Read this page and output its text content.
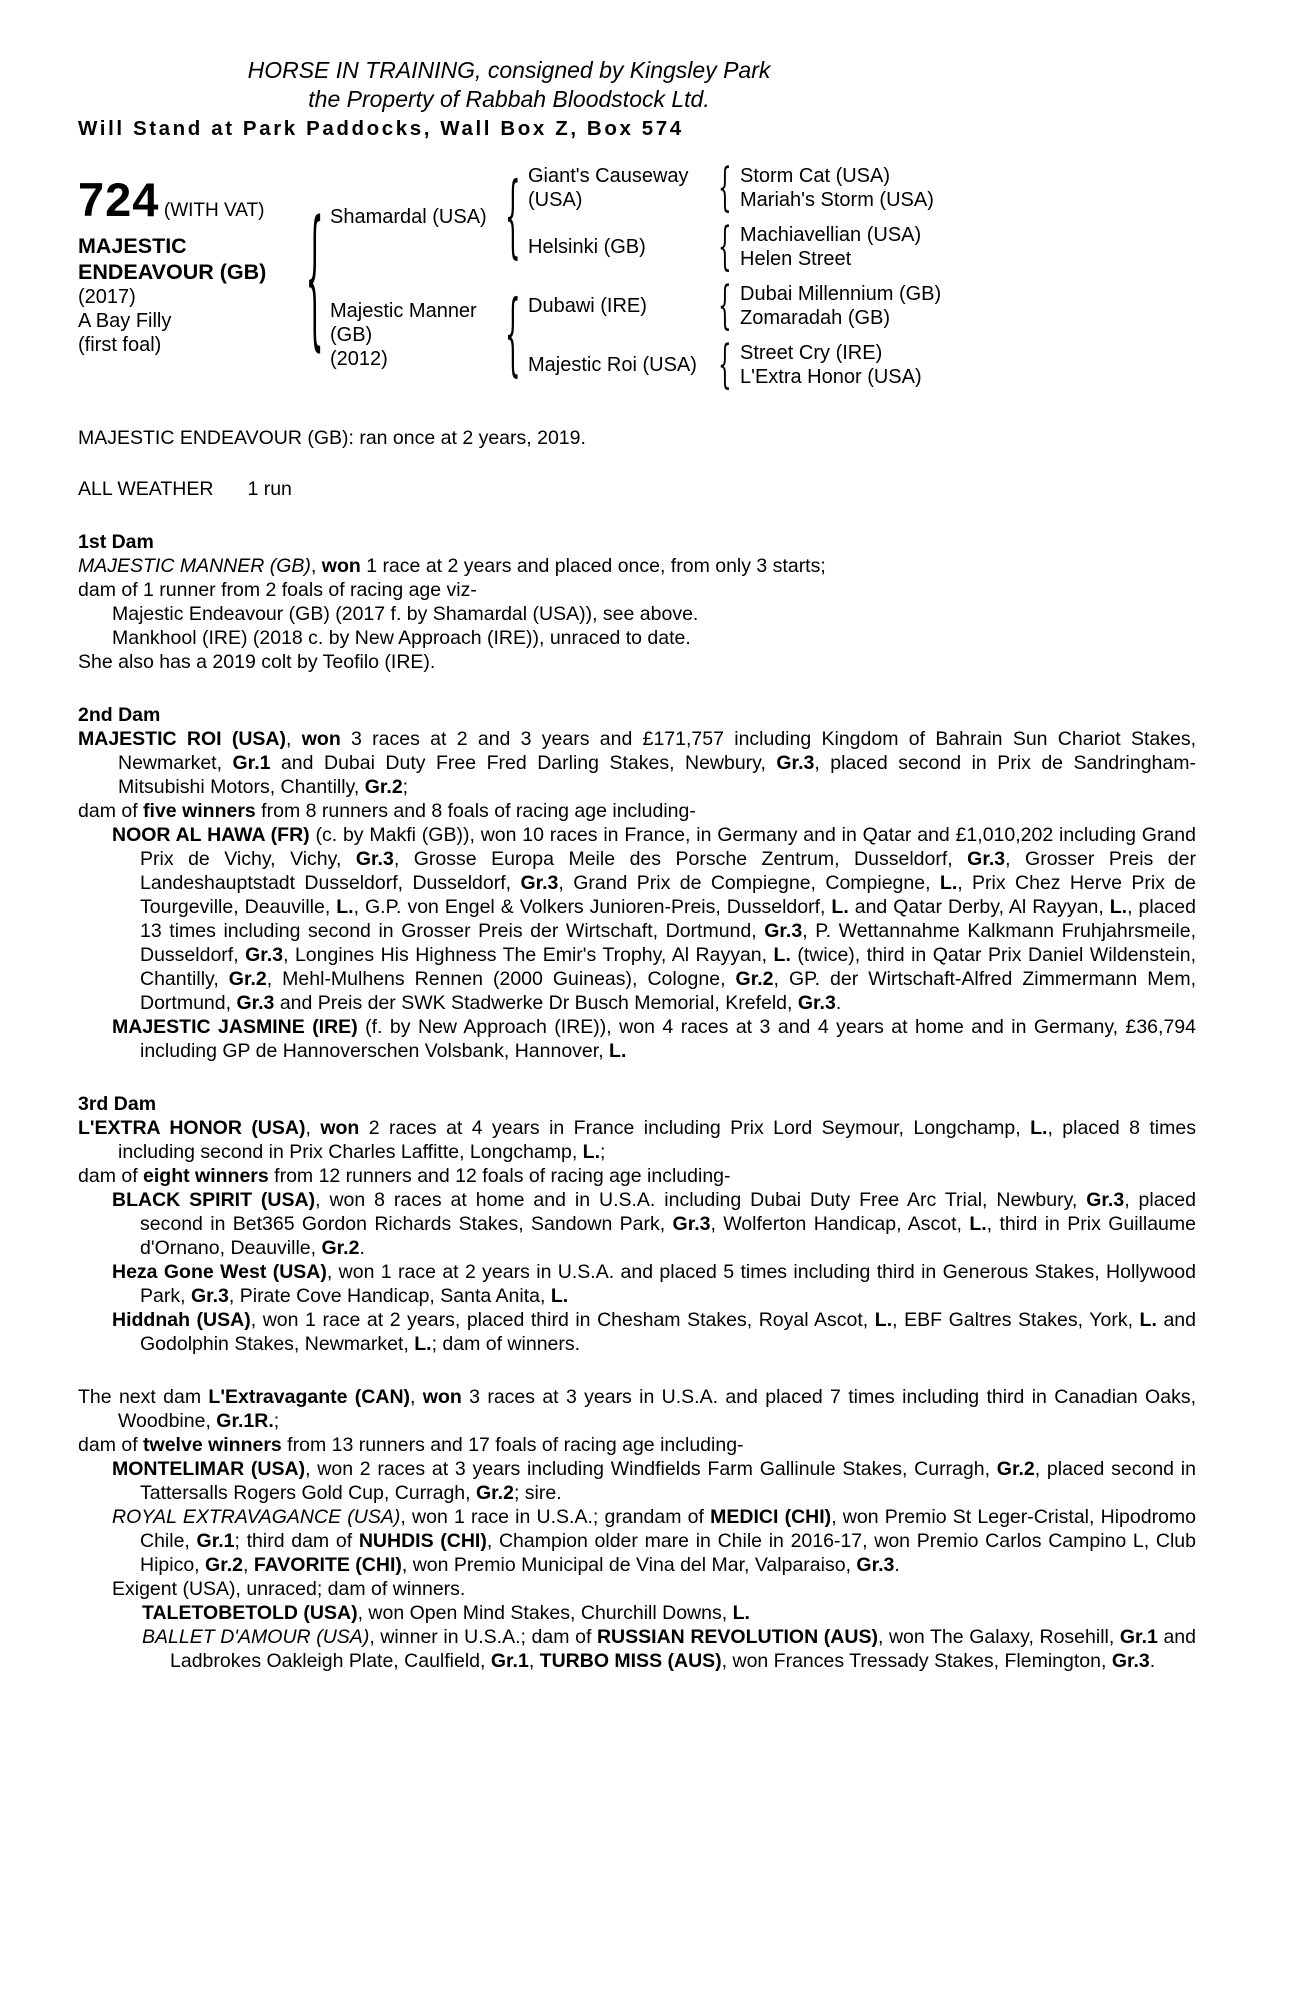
HORSE IN TRAINING, consigned by Kingsley Park
the Property of Rabbah Bloodstock Ltd.
Will Stand at Park Paddocks, Wall Box Z, Box 574
724 (WITH VAT)
MAJESTIC ENDEAVOUR (GB)
(2017)
A Bay Filly
(first foal)	{ Shamardal (USA)
Majestic Manner (GB)
(2012)
{
{
Giant's Causeway (USA)
Helsinki (GB)
Dubawi (IRE)
Majestic Roi (USA)
{
{
{
{
Storm Cat (USA)
Mariah's Storm (USA)
Machiavellian (USA)
Helen Street
Dubai Millennium (GB)
Zomaradah (GB)
Street Cry (IRE)
L'Extra Honor (USA)
MAJESTIC ENDEAVOUR (GB): ran once at 2 years, 2019.
ALL WEATHER 1 run
1st Dam
MAJESTIC MANNER (GB), won 1 race at 2 years and placed once, from only 3 starts;
dam of 1 runner from 2 foals of racing age viz-
Majestic Endeavour (GB) (2017 f. by Shamardal (USA)), see above.
Mankhool (IRE) (2018 c. by New Approach (IRE)), unraced to date.
She also has a 2019 colt by Teofilo (IRE).
2nd Dam
MAJESTIC ROI (USA), won 3 races at 2 and 3 years and £171,757 including Kingdom of Bahrain Sun Chariot Stakes, Newmarket, Gr.1 and Dubai Duty Free Fred Darling Stakes, Newbury, Gr.3, placed second in Prix de Sandringham- Mitsubishi Motors, Chantilly, Gr.2;
dam of five winners from 8 runners and 8 foals of racing age including-
NOOR AL HAWA (FR) (c. by Makfi (GB)), won 10 races in France, in Germany and in Qatar and £1,010,202 including Grand Prix de Vichy, Vichy, Gr.3, Grosse Europa Meile des Porsche Zentrum, Dusseldorf, Gr.3, Grosser Preis der Landeshauptstadt Dusseldorf, Dusseldorf, Gr.3, Grand Prix de Compiegne, Compiegne, L., Prix Chez Herve Prix de Tourgeville, Deauville, L., G.P. von Engel & Volkers Junioren-Preis, Dusseldorf, L. and Qatar Derby, Al Rayyan, L., placed 13 times including second in Grosser Preis der Wirtschaft, Dortmund, Gr.3, P. Wettannahme Kalkmann Fruhjahrsmeile, Dusseldorf, Gr.3, Longines His Highness The Emir's Trophy, Al Rayyan, L. (twice), third in Qatar Prix Daniel Wildenstein, Chantilly, Gr.2, Mehl-Mulhens Rennen (2000 Guineas), Cologne, Gr.2, GP. der Wirtschaft-Alfred Zimmermann Mem, Dortmund, Gr.3 and Preis der SWK Stadwerke Dr Busch Memorial, Krefeld, Gr.3.
MAJESTIC JASMINE (IRE) (f. by New Approach (IRE)), won 4 races at 3 and 4 years at home and in Germany, £36,794 including GP de Hannoverschen Volsbank, Hannover, L.
3rd Dam
L'EXTRA HONOR (USA), won 2 races at 4 years in France including Prix Lord Seymour, Longchamp, L., placed 8 times including second in Prix Charles Laffitte, Longchamp, L.;
dam of eight winners from 12 runners and 12 foals of racing age including-
BLACK SPIRIT (USA), won 8 races at home and in U.S.A. including Dubai Duty Free Arc Trial, Newbury, Gr.3, placed second in Bet365 Gordon Richards Stakes, Sandown Park, Gr.3, Wolferton Handicap, Ascot, L., third in Prix Guillaume d'Ornano, Deauville, Gr.2.
Heza Gone West (USA), won 1 race at 2 years in U.S.A. and placed 5 times including third in Generous Stakes, Hollywood Park, Gr.3, Pirate Cove Handicap, Santa Anita, L.
Hiddnah (USA), won 1 race at 2 years, placed third in Chesham Stakes, Royal Ascot, L., EBF Galtres Stakes, York, L. and Godolphin Stakes, Newmarket, L.; dam of winners.
The next dam L'Extravagante (CAN), won 3 races at 3 years in U.S.A. and placed 7 times including third in Canadian Oaks, Woodbine, Gr.1R.;
dam of twelve winners from 13 runners and 17 foals of racing age including-
MONTELIMAR (USA), won 2 races at 3 years including Windfields Farm Gallinule Stakes, Curragh, Gr.2, placed second in Tattersalls Rogers Gold Cup, Curragh, Gr.2; sire.
ROYAL EXTRAVAGANCE (USA), won 1 race in U.S.A.; grandam of MEDICI (CHI), won Premio St Leger-Cristal, Hipodromo Chile, Gr.1; third dam of NUHDIS (CHI), Champion older mare in Chile in 2016-17, won Premio Carlos Campino L, Club Hipico, Gr.2, FAVORITE (CHI), won Premio Municipal de Vina del Mar, Valparaiso, Gr.3.
Exigent (USA), unraced; dam of winners.
TALETOBETOLD (USA), won Open Mind Stakes, Churchill Downs, L.
BALLET D'AMOUR (USA), winner in U.S.A.; dam of RUSSIAN REVOLUTION (AUS), won The Galaxy, Rosehill, Gr.1 and Ladbrokes Oakleigh Plate, Caulfield, Gr.1, TURBO MISS (AUS), won Frances Tressady Stakes, Flemington, Gr.3.
